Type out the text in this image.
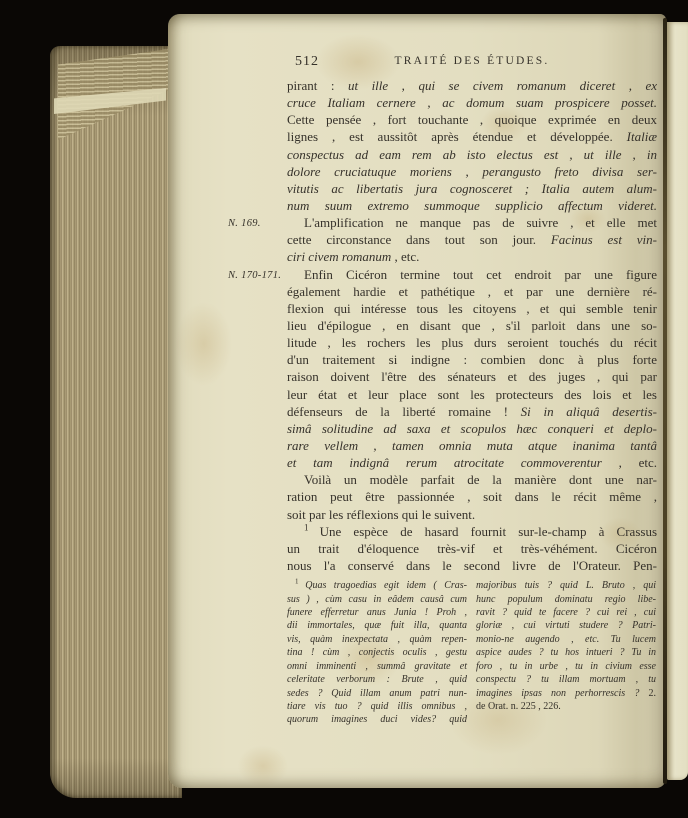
512	TRAITÉ DES ÉTUDES.
pirant : ut ille , qui se civem romanum diceret , ex
cruce Italiam cernere , ac domum suam prospicere posset.
Cette pensée , fort touchante , quoique exprimée en deux
lignes , est aussitôt après étendue et développée. Italiæ
conspectus ad eam rem ab isto electus est , ut ille , in
dolore cruciatuque moriens , perangusto freto divisa ser-
vitutis ac libertatis jura cognosceret ; Italia autem alum-
num suum extremo summoque supplicio affectum videret.
N. 169.	L'amplification ne manque pas de suivre , et elle met
cette circonstance dans tout son jour. Facinus est vin-
ciri civem romanum , etc.
N. 170-171. Enfin Cicéron termine tout cet endroit par une figure
également hardie et pathétique , et par une dernière ré-
flexion qui intéresse tous les citoyens , et qui semble tenir
lieu d'épilogue , en disant que , s'il parloit dans une so-
litude , les rochers les plus durs seroient touchés du récit
d'un traitement si indigne : combien donc à plus forte
raison doivent l'être des sénateurs et des juges , qui par
leur état et leur place sont les protecteurs des lois et les
défenseurs de la liberté romaine ! Si in aliquâ desertis-
simâ solitudine ad saxa et scopulos hæc conqueri et deplo-
rare vellem , tamen omnia muta atque inanima tantâ
et tam indignâ rerum atrocitate commoverentur , etc.
Voilà un modèle parfait de la manière dont une nar-
ration peut être passionnée , soit dans le récit même ,
soit par les réflexions qui le suivent.
$^1$ Une espèce de hasard fournit sur-le-champ à Crassus
un trait d'éloquence très-vif et très-véhément. Cicéron
nous l'a conservé dans le second livre de l'Orateur. Pen-
$^1$ Quas tragoedias egit idem ( Cras-
sus ) , cùm casu in eâdem causâ cum
funere efferretur anus Junia ! Proh ,
dii immortales, quæ fuit illa, quanta
vis, quàm inexpectata , quàm repen-
tina ! cùm , conjectis oculis , gestu
omni imminenti , summâ gravitate et
celeritate verborum : Brute , quid
sedes ? Quid illam anum patri nun-
tiare vis tuo ? quid illis omnibus ,
quorum imagines duci vides? quid
majoribus tuis ? quid L. Bruto , qui
hunc populum dominatu regio libe-
ravit ? quid te facere ? cui rei , cui
gloriæ , cui virtuti studere ? Patri-
monio-ne augendo , etc. Tu lucem
aspice audes ? tu hos intueri ? Tu in
foro , tu in urbe , tu in civium esse
conspectu ? tu illam mortuam , tu
imagines ipsas non perhorrescis ? 2.
de Orat. n. 225 , 226.
